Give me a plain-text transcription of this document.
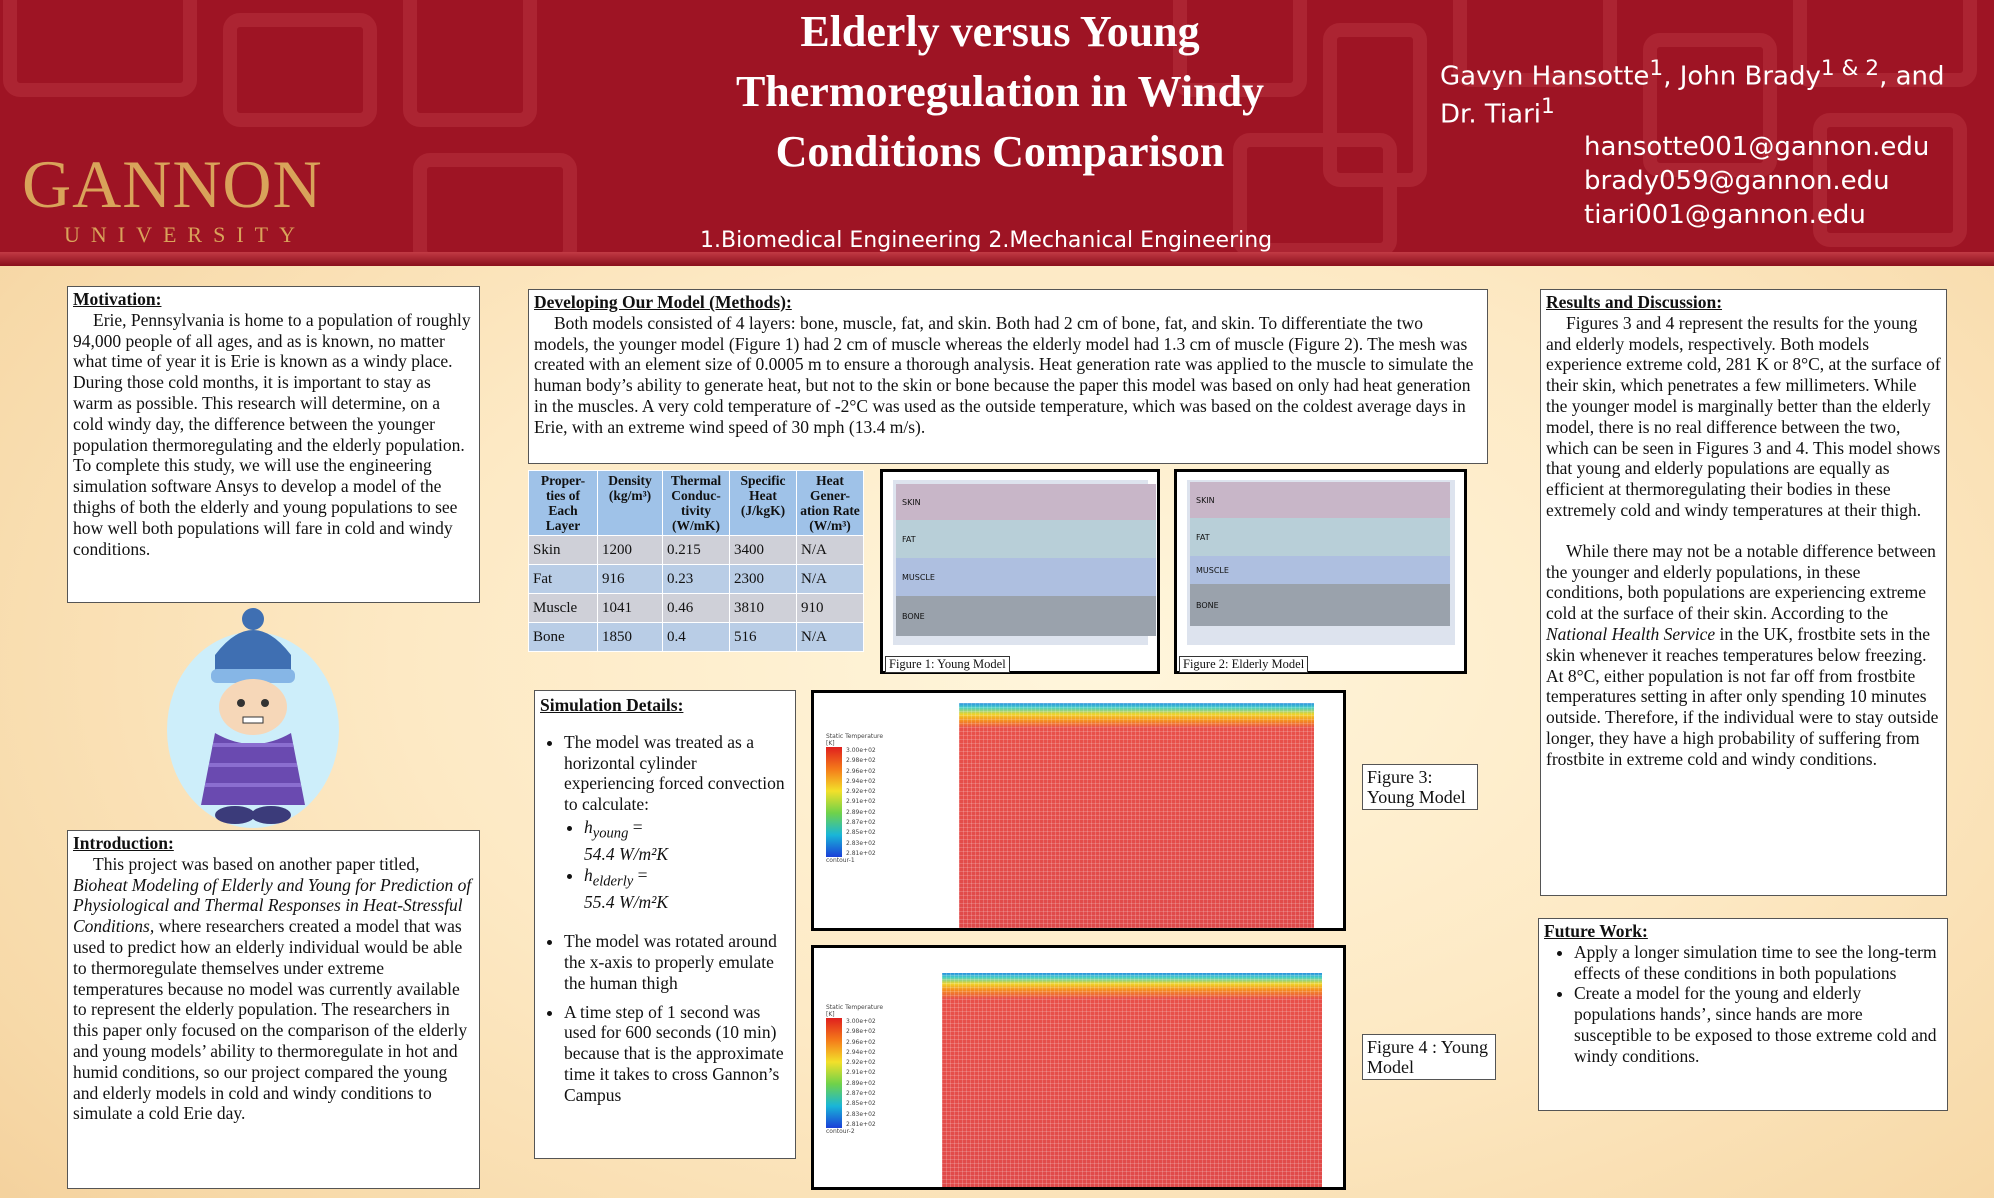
GANNON
UNIVERSITY
Elderly versus Young
Thermoregulation in Windy
Conditions Comparison
1.Biomedical Engineering 2.Mechanical Engineering
Gavyn Hansotte$^1$, John Brady$^{1 \& 2}$, and
Dr. Tiari$^1$
hansotte001@gannon.edu
brady059@gannon.edu
tiari001@gannon.edu
Motivation:

Erie, Pennsylvania is home to a population of roughly 94,000 people of all ages, and as is known, no matter what time of year it is Erie is known as a windy place. During those cold months, it is important to stay as warm as possible. This research will determine, on a cold windy day, the difference between the younger population thermoregulating and the elderly population. To complete this study, we will use the engineering simulation software Ansys to develop a model of the thighs of both the elderly and young populations to see how well both populations will fare in cold and windy conditions.

Introduction:

This project was based on another paper titled, Bioheat Modeling of Elderly and Young for Prediction of Physiological and Thermal Responses in Heat-Stressful Conditions, where researchers created a model that was used to predict how an elderly individual would be able to thermoregulate themselves under extreme temperatures because no model was currently available to represent the elderly population. The researchers in this paper only focused on the comparison of the elderly and young models’ ability to thermoregulate in hot and humid conditions, so our project compared the young and elderly models in cold and windy conditions to simulate a cold Erie day.

Developing Our Model (Methods):

Both models consisted of 4 layers: bone, muscle, fat, and skin. Both had 2 cm of bone, fat, and skin. To differentiate the two models, the younger model (Figure 1) had 2 cm of muscle whereas the elderly model had 1.3 cm of muscle (Figure 2). The mesh was created with an element size of 0.0005 m to ensure a thorough analysis. Heat generation rate was applied to the muscle to simulate the human body’s ability to generate heat, but not to the skin or bone because the paper this model was based on only had heat generation in the muscles. A very cold temperature of -2°C was used as the outside temperature, which was based on the coldest average days in Erie, with an extreme wind speed of 30 mph (13.4 m/s).

Proper-ties of Each Layer	Density (kg/m³)	Thermal Conduc-tivity (W/mK)	Specific Heat (J/kgK)	Heat Gener-ation Rate (W/m³)
Skin	1200	0.215	3400	N/A
Fat	916	0.23	2300	N/A
Muscle	1041	0.46	3810	910
Bone	1850	0.4	516	N/A
SKIN
FAT
MUSCLE
BONE
Figure 1: Young Model
SKIN
FAT
MUSCLE
BONE
Figure 2: Elderly Model
Simulation Details:
• The model was treated as a horizontal cylinder experiencing forced convection to calculate:
• $h_{young}$ =
54.4 W/m²K
• $h_{elderly}$ =
55.4 W/m²K
• The model was rotated around the x-axis to properly emulate the human thigh
• A time step of 1 second was used for 600 seconds (10 min) because that is the approximate time it takes to cross Gannon’s Campus
Static Temperature
[K]
3.00e+02
2.98e+02
2.96e+02
2.94e+02
2.92e+02
2.91e+02
2.89e+02
2.87e+02
2.85e+02
2.83e+02
2.81e+02
contour-1
Figure 3: Young Model
Static Temperature
[K]
3.00e+02
2.98e+02
2.96e+02
2.94e+02
2.92e+02
2.91e+02
2.89e+02
2.87e+02
2.85e+02
2.83e+02
2.81e+02
contour-2
Figure 4 : Young Model
Results and Discussion:

Figures 3 and 4 represent the results for the young and elderly models, respectively. Both models experience extreme cold, 281 K or 8°C, at the surface of their skin, which penetrates a few millimeters. While the younger model is marginally better than the elderly model, there is no real difference between the two, which can be seen in Figures 3 and 4. This model shows that young and elderly populations are equally as efficient at thermoregulating their bodies in these extremely cold and windy temperatures at their thigh.

While there may not be a notable difference between the younger and elderly populations, in these conditions, both populations are experiencing extreme cold at the surface of their skin. According to the National Health Service in the UK, frostbite sets in the skin whenever it reaches temperatures below freezing. At 8°C, either population is not far off from frostbite temperatures setting in after only spending 10 minutes outside. Therefore, if the individual were to stay outside longer, they have a high probability of suffering from frostbite in extreme cold and windy conditions.

Future Work:
• Apply a longer simulation time to see the long-term effects of these conditions in both populations
• Create a model for the young and elderly populations hands’, since hands are more susceptible to be exposed to those extreme cold and windy conditions.
